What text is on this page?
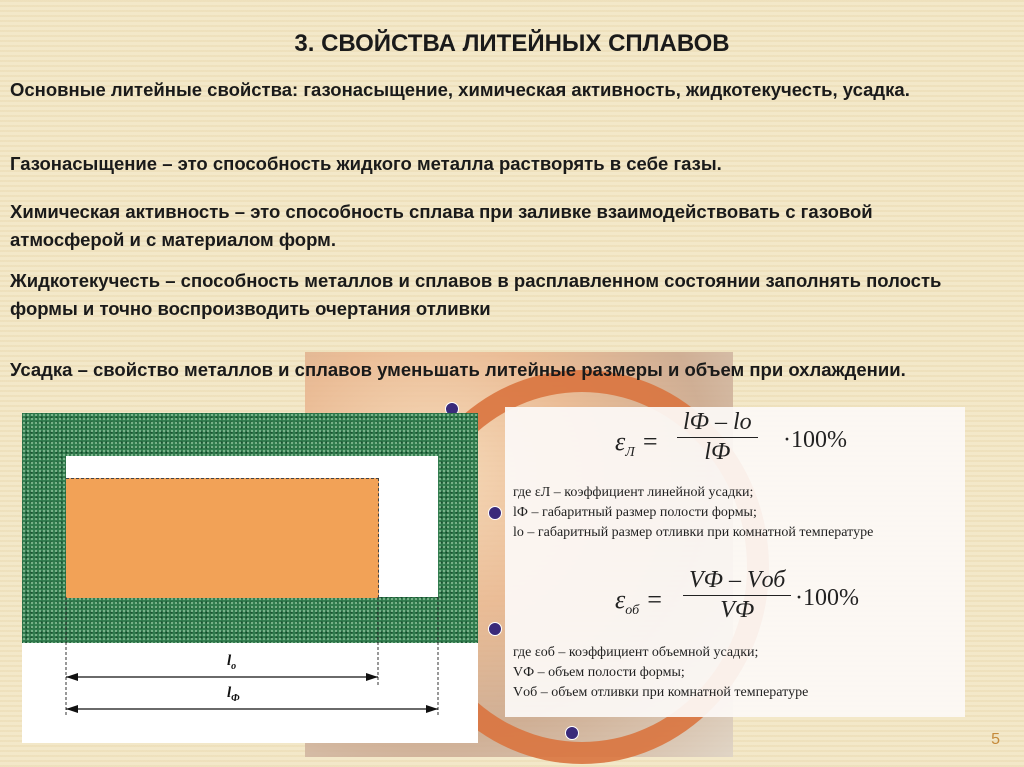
3. СВОЙСТВА ЛИТЕЙНЫХ СПЛАВОВ
Основные литейные свойства: газонасыщение, химическая активность, жидкотекучесть, усадка.
Газонасыщение – это способность жидкого металла растворять в себе газы.
Химическая активность – это способность сплава при заливке взаимодействовать с газовой атмосферой и с материалом форм.
Жидкотекучесть – способность металлов и сплавов в расплавленном состоянии заполнять полость формы и точно воспроизводить очертания отливки
Усадка – свойство металлов и сплавов уменьшать литейные размеры и объем при охлаждении.
$l_о$
$l_Ф$
$\varepsilon_Л$ =
lФ – lо
lФ	·100%
где εЛ – коэффициент линейной усадки;
lФ – габаритный размер полости формы;
lо – габаритный размер отливки при комнатной температуре
$\varepsilon_{об}$ =
VФ – Vоб
VФ	·100%
где εоб – коэффициент объемной усадки;
VФ – объем полости формы;
Vоб – объем отливки при комнатной температуре
5
